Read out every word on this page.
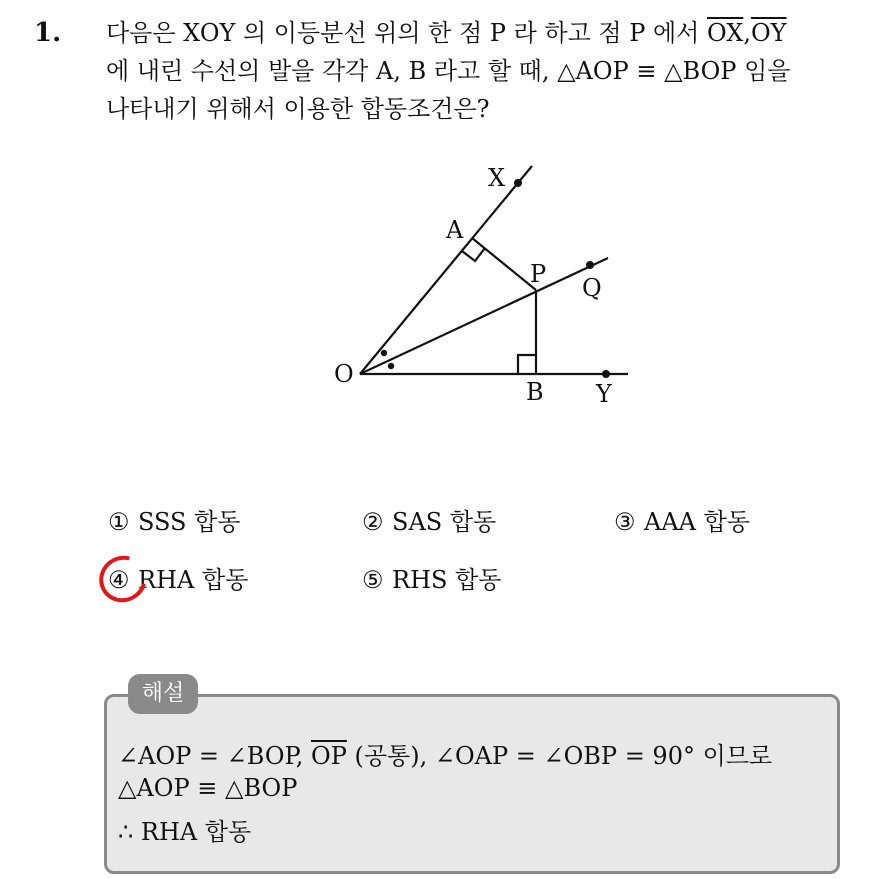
1. 다음은 XOY 의 이등분선 위의 한 점 P 라 하고 점 P 에서 $\overline{OX},\overline{OY}$
에 내린 수선의 발을 각각 A, B 라고 할 때, △AOP ≡ △BOP 임을
나타내기 위해서 이용한 합동조건은?
X
A
P Q
O
B Y
① SSS 합동	② SAS 합동	③ AAA 합동
④ RHA 합동	⑤ RHS 합동
해설
∠AOP = ∠BOP, $\overline{OP}$ (공통), ∠OAP = ∠OBP = 90° 이므로
△AOP ≡ △BOP
∴ RHA 합동
